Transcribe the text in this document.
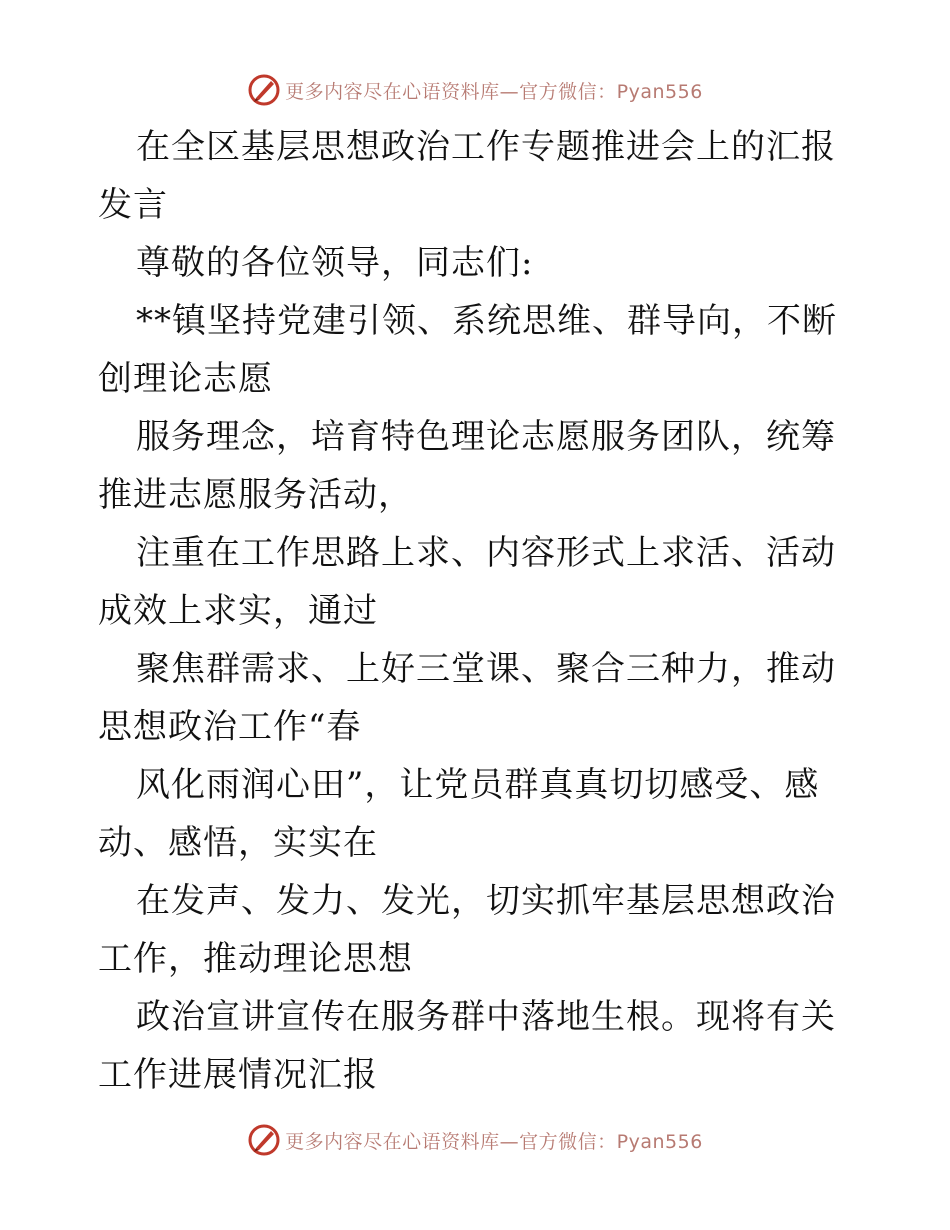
更多内容尽在心语资料库—官方微信：Pyan556

在全区基层思想政治工作专题推进会上的汇报发言

尊敬的各位领导，同志们:

**镇坚持党建引领、系统思维、群导向，不断创理论志愿

服务理念，培育特色理论志愿服务团队，统筹推进志愿服务活动，

注重在工作思路上求、内容形式上求活、活动成效上求实，通过

聚焦群需求、上好三堂课、聚合三种力，推动思想政治工作“春

风化雨润心田”，让党员群真真切切感受、感动、感悟，实实在

在发声、发力、发光，切实抓牢基层思想政治工作，推动理论思想

政治宣讲宣传在服务群中落地生根。现将有关工作进展情况汇报

更多内容尽在心语资料库—官方微信：Pyan556
